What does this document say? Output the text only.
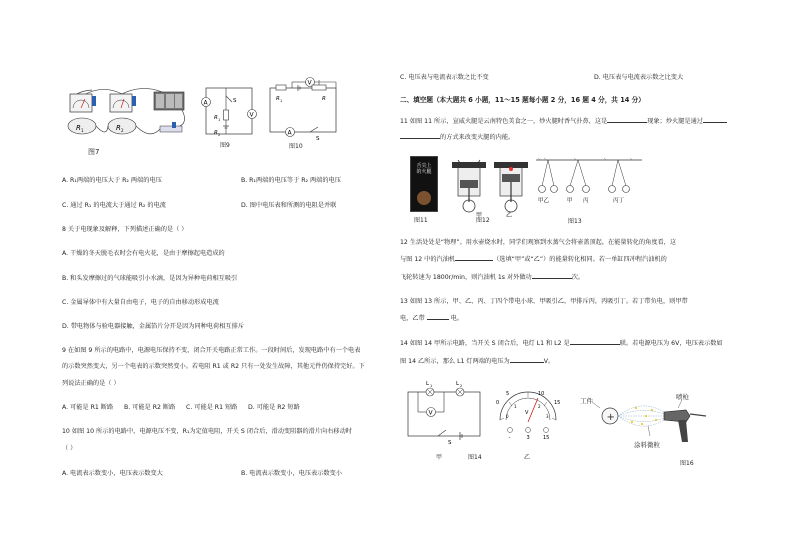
R 1	R 2
图7
A
V
S
R 1
R 2
图9
V
R 1	R
A
S
图10
A. R₁两端的电压大于 R₂ 两端的电压	B. R₁两端的电压等于 R₂ 两端的电压
C. 通过 R₁ 的电流大于通过 R₂ 的电流	D. 图中电压表和所测的电阻是并联
8 关于电现象及解释，下列描述正确的是（ ）
A. 干燥的冬天脱毛衣时会有电火花，是由于摩擦起电造成的
B. 和头发摩擦过的气球能吸引小水滴，是因为异种电荷相互吸引
C. 金属导体中有大量自由电子，电子的自由移动形成电流
D. 带电物体与验电器接触，金属箔片分开是因为同种电荷相互排斥
9 在如图 9 所示的电路中，电源电压保持不变，闭合开关电路正常工作。一段时间后，发现电路中有一个电表
的示数突然变大，另一个电表的示数突然变小。若电阻 R1 或 R2 只有一处发生故障，其他元件仍保持完好。下
列说法正确的是（ ）
A. 可能是 R1 断路 B. 可能是 R2 断路 C. 可能是 R1 短路 D. 可能是 R2 短路
10 如图 10 所示的电路中，电源电压不变，R₁为定值电阻，开关 S 闭合后，滑动变阻器的滑片向右移动时
（ ）
A. 电流表示数变小，电压表示数变大	B. 电流表示数变小，电压表示数变小
C. 电压表与电流表示数之比不变	D. 电压表与电流表示数之比变大
二、填空题（本大题共 6 小题，11～15 题每小题 2 分，16 题 4 分，共 14 分）
11 如图 11 所示，宣威火腿是云南特色美食之一，炒火腿时香气扑鼻，这是	现象；炒火腿是通过
的方式来改变火腿的内能。
舌尖上的火腿
图11
甲	乙
图12
甲乙	甲 丙	丙丁
图13
12 生活处处是“物理”。用水壶烧水时，同学们观察到水蒸气会将壶盖顶起，在能量转化的角度看，这
与图 12 中的汽油机	（选填“甲”或“乙”）的能量转化相同。若一单缸四冲程汽油机的
飞轮转速为 1800r/min，则汽油机 1s 对外做功	次。
13 如图 13 所示，甲、乙、丙、丁四个带电小球，甲吸引乙，甲排斥丙，丙吸引丁。若丁带负电，则甲带
电，乙带	电。
14 如图 14 甲所示电路，当开关 S 闭合后，电灯 L1 和 L2 是	联。若电源电压为 6V，电压表示数如
图 14 乙所示，那么 L1 灯两端的电压为	V。
L 1	L 2
V
S
甲	图14
0
5	10
15
0
1	2
3
V
-	3	15
乙
+
工件	喷枪
涂料微粒
图16
